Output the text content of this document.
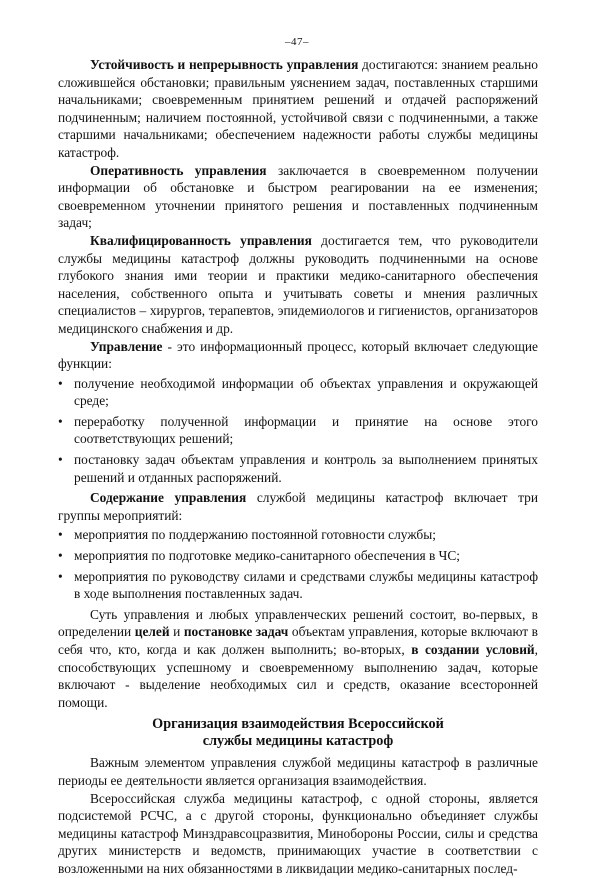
–47–

Устойчивость и непрерывность управления достигаются: знанием реально сложившейся обстановки; правильным уяснением задач, поставленных старшими начальниками; своевременным принятием решений и отдачей распоряжений подчиненным; наличием постоянной, устойчивой связи с подчиненными, а также старшими начальниками; обеспечением надежности работы службы медицины катастроф.

Оперативность управления заключается в своевременном получении информации об обстановке и быстром реагировании на ее изменения; своевременном уточнении принятого решения и поставленных подчиненным задач;

Квалифицированность управления достигается тем, что руководители службы медицины катастроф должны руководить подчиненными на основе глубокого знания ими теории и практики медико-санитарного обеспечения населения, собственного опыта и учитывать советы и мнения различных специалистов – хирургов, терапевтов, эпидемиологов и гигиенистов, организаторов медицинского снабжения и др.

Управление - это информационный процесс, который включает следующие функции:

• получение необходимой информации об объектах управления и окружающей среде;
• переработку полученной информации и принятие на основе этого соответствующих решений;
• постановку задач объектам управления и контроль за выполнением принятых решений и отданных распоряжений.

Содержание управления службой медицины катастроф включает три группы мероприятий:

• мероприятия по поддержанию постоянной готовности службы;
• мероприятия по подготовке медико-санитарного обеспечения в ЧС;
• мероприятия по руководству силами и средствами службы медицины катастроф в ходе выполнения поставленных задач.

Суть управления и любых управленческих решений состоит, во-первых, в определении целей и постановке задач объектам управления, которые включают в себя что, кто, когда и как должен выполнить; во-вторых, в создании условий, способствующих успешному и своевременному выполнению задач, которые включают - выделение необходимых сил и средств, оказание всесторонней помощи.

Организация взаимодействия Всероссийской
службы медицины катастроф

Важным элементом управления службой медицины катастроф в различные периоды ее деятельности является организация взаимодействия.

Всероссийская служба медицины катастроф, с одной стороны, является подсистемой РСЧС, а с другой стороны, функционально объединяет службы медицины катастроф Минздравсоцразвития, Минобороны России, силы и средства других министерств и ведомств, принимающих участие в соответствии с возложенными на них обязанностями в ликвидации медико-санитарных послед-
